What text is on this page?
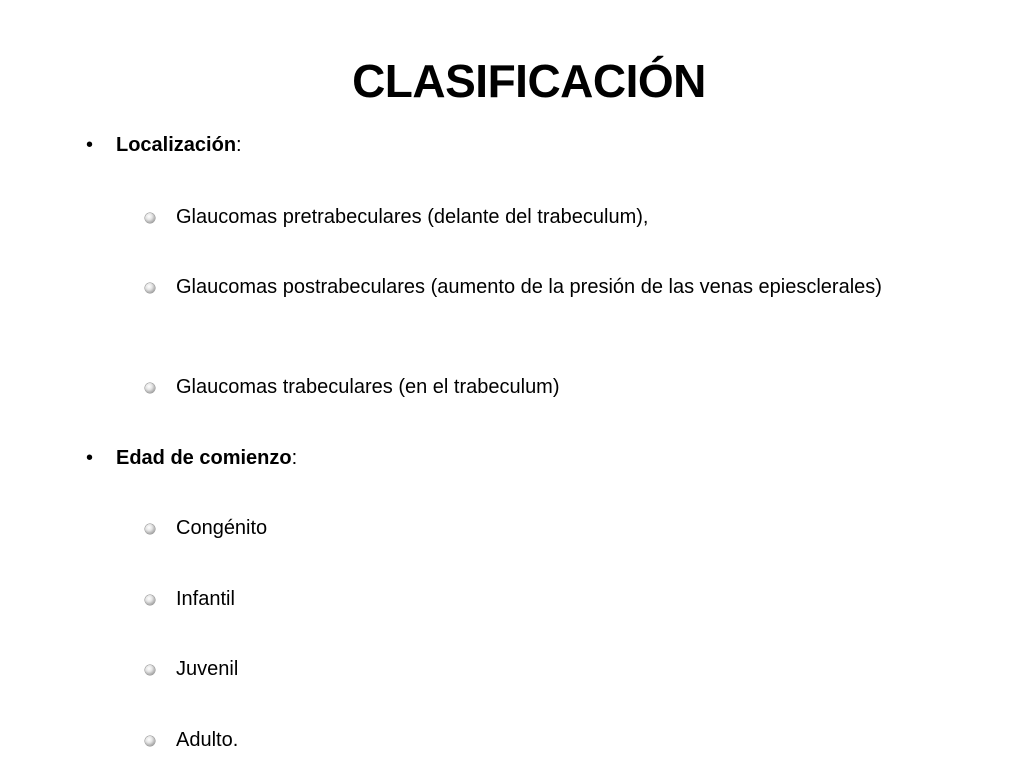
CLASIFICACIÓN
•	Localización:
Glaucomas pretrabeculares (delante del trabeculum),
Glaucomas postrabeculares (aumento de la presión de las venas epiesclerales)
Glaucomas trabeculares (en el trabeculum)
•	Edad de comienzo:
Congénito
Infantil
Juvenil
Adulto.
